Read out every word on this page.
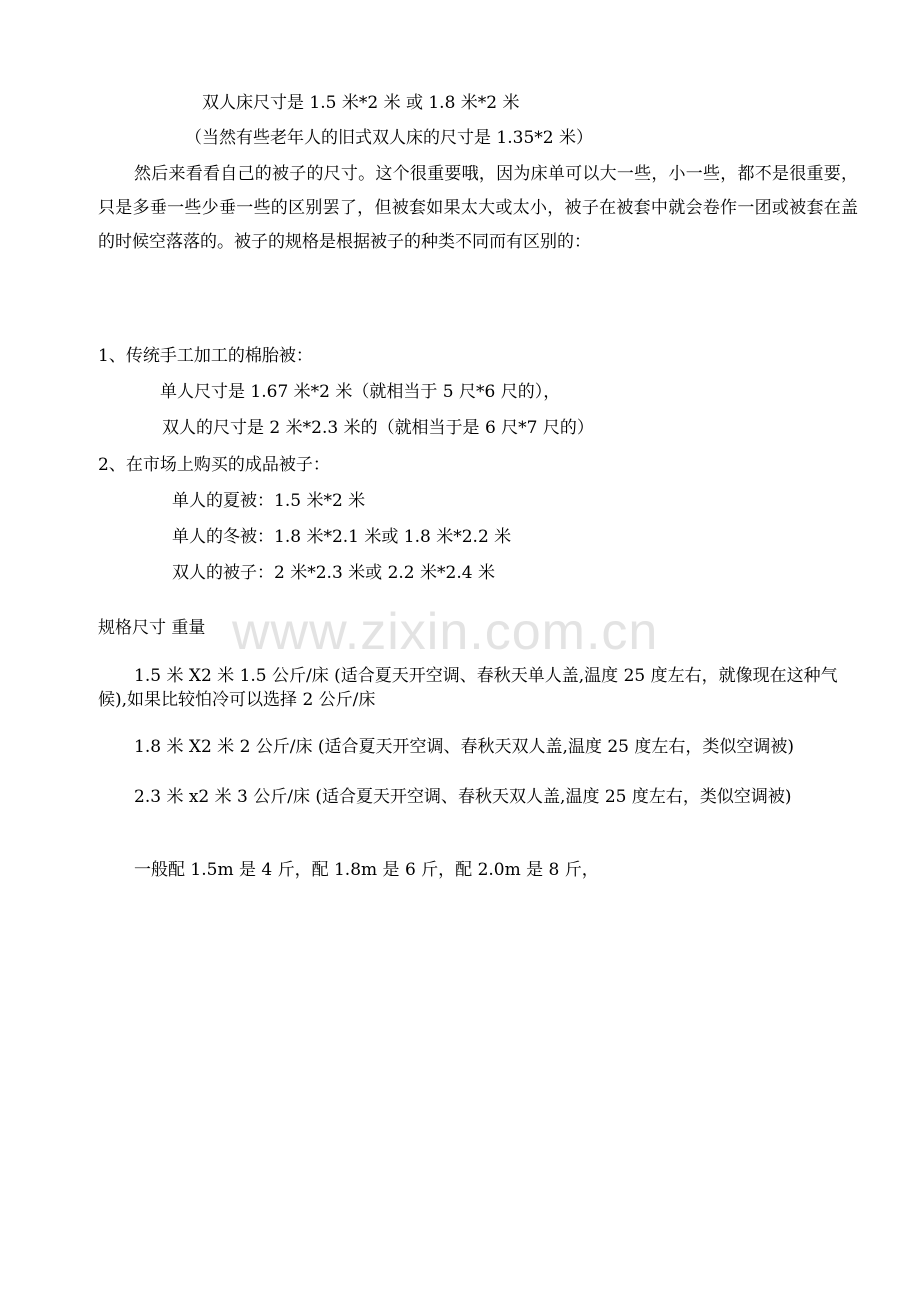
双人床尺寸是 1.5 米*2 米 或 1.8 米*2 米
（当然有些老年人的旧式双人床的尺寸是 1.35*2 米）
然后来看看自己的被子的尺寸。这个很重要哦，因为床单可以大一些，小一些，都不是很重要，只是多垂一些少垂一些的区别罢了，但被套如果太大或太小，被子在被套中就会卷作一团或被套在盖的时候空落落的。被子的规格是根据被子的种类不同而有区别的：
1、传统手工加工的棉胎被：
单人尺寸是 1.67 米*2 米（就相当于 5 尺*6 尺的），
双人的尺寸是 2 米*2.3 米的（就相当于是 6 尺*7 尺的）
2、在市场上购买的成品被子：
单人的夏被：1.5 米*2 米
单人的冬被：1.8 米*2.1 米或 1.8 米*2.2 米
双人的被子：2 米*2.3 米或 2.2 米*2.4 米
www.zixin.com.cn
规格尺寸 重量
1.5 米 X2 米 1.5 公斤/床 (适合夏天开空调、春秋天单人盖,温度 25 度左右，就像现在这种气候),如果比较怕冷可以选择 2 公斤/床
1.8 米 X2 米 2 公斤/床 (适合夏天开空调、春秋天双人盖,温度 25 度左右，类似空调被)
2.3 米 x2 米 3 公斤/床 (适合夏天开空调、春秋天双人盖,温度 25 度左右，类似空调被)
一般配 1.5m 是 4 斤，配 1.8m 是 6 斤，配 2.0m 是 8 斤，
